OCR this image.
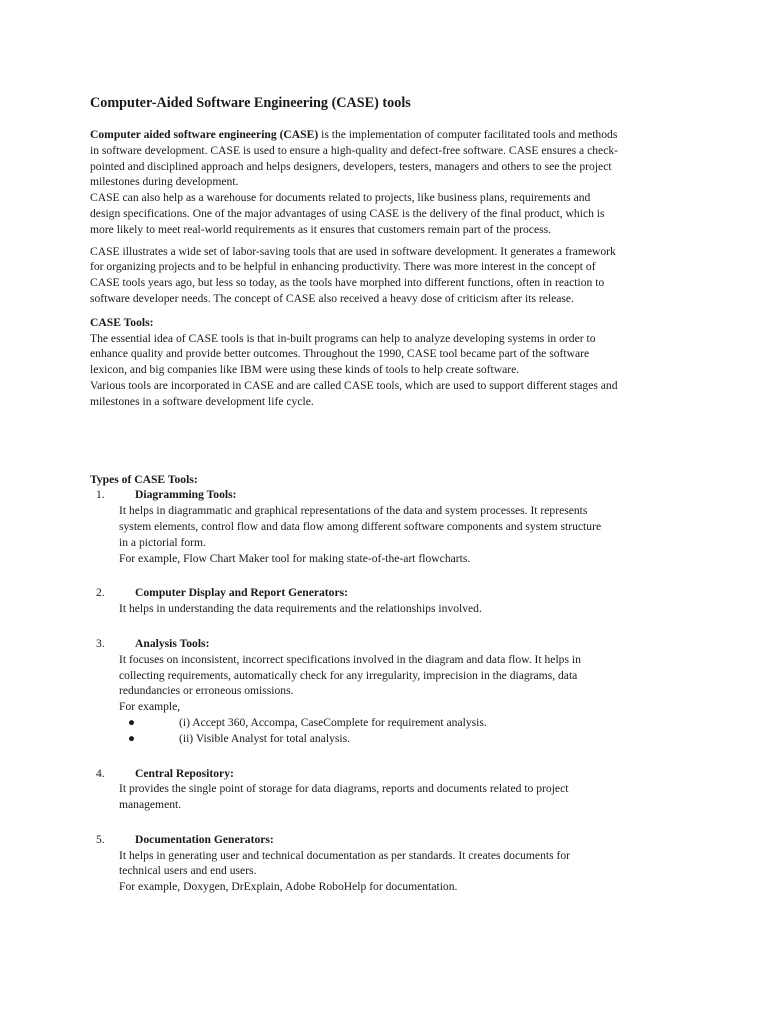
Computer-Aided Software Engineering (CASE) tools
Computer aided software engineering (CASE) is the implementation of computer facilitated tools and methods
in software development. CASE is used to ensure a high-quality and defect-free software. CASE ensures a check-
pointed and disciplined approach and helps designers, developers, testers, managers and others to see the project
milestones during development.
CASE can also help as a warehouse for documents related to projects, like business plans, requirements and
design specifications. One of the major advantages of using CASE is the delivery of the final product, which is
more likely to meet real-world requirements as it ensures that customers remain part of the process.
CASE illustrates a wide set of labor-saving tools that are used in software development. It generates a framework
for organizing projects and to be helpful in enhancing productivity. There was more interest in the concept of
CASE tools years ago, but less so today, as the tools have morphed into different functions, often in reaction to
software developer needs. The concept of CASE also received a heavy dose of criticism after its release.
CASE Tools:
The essential idea of CASE tools is that in-built programs can help to analyze developing systems in order to
enhance quality and provide better outcomes. Throughout the 1990, CASE tool became part of the software
lexicon, and big companies like IBM were using these kinds of tools to help create software.
Various tools are incorporated in CASE and are called CASE tools, which are used to support different stages and
milestones in a software development life cycle.
Types of CASE Tools:
1.	Diagramming Tools:
It helps in diagrammatic and graphical representations of the data and system processes. It represents
system elements, control flow and data flow among different software components and system structure
in a pictorial form.
For example, Flow Chart Maker tool for making state-of-the-art flowcharts.
2.	Computer Display and Report Generators:
It helps in understanding the data requirements and the relationships involved.
3.	Analysis Tools:
It focuses on inconsistent, incorrect specifications involved in the diagram and data flow. It helps in
collecting requirements, automatically check for any irregularity, imprecision in the diagrams, data
redundancies or erroneous omissions.
For example,
●	(i) Accept 360, Accompa, CaseComplete for requirement analysis.
●	(ii) Visible Analyst for total analysis.
4.	Central Repository:
It provides the single point of storage for data diagrams, reports and documents related to project
management.
5.	Documentation Generators:
It helps in generating user and technical documentation as per standards. It creates documents for
technical users and end users.
For example, Doxygen, DrExplain, Adobe RoboHelp for documentation.
